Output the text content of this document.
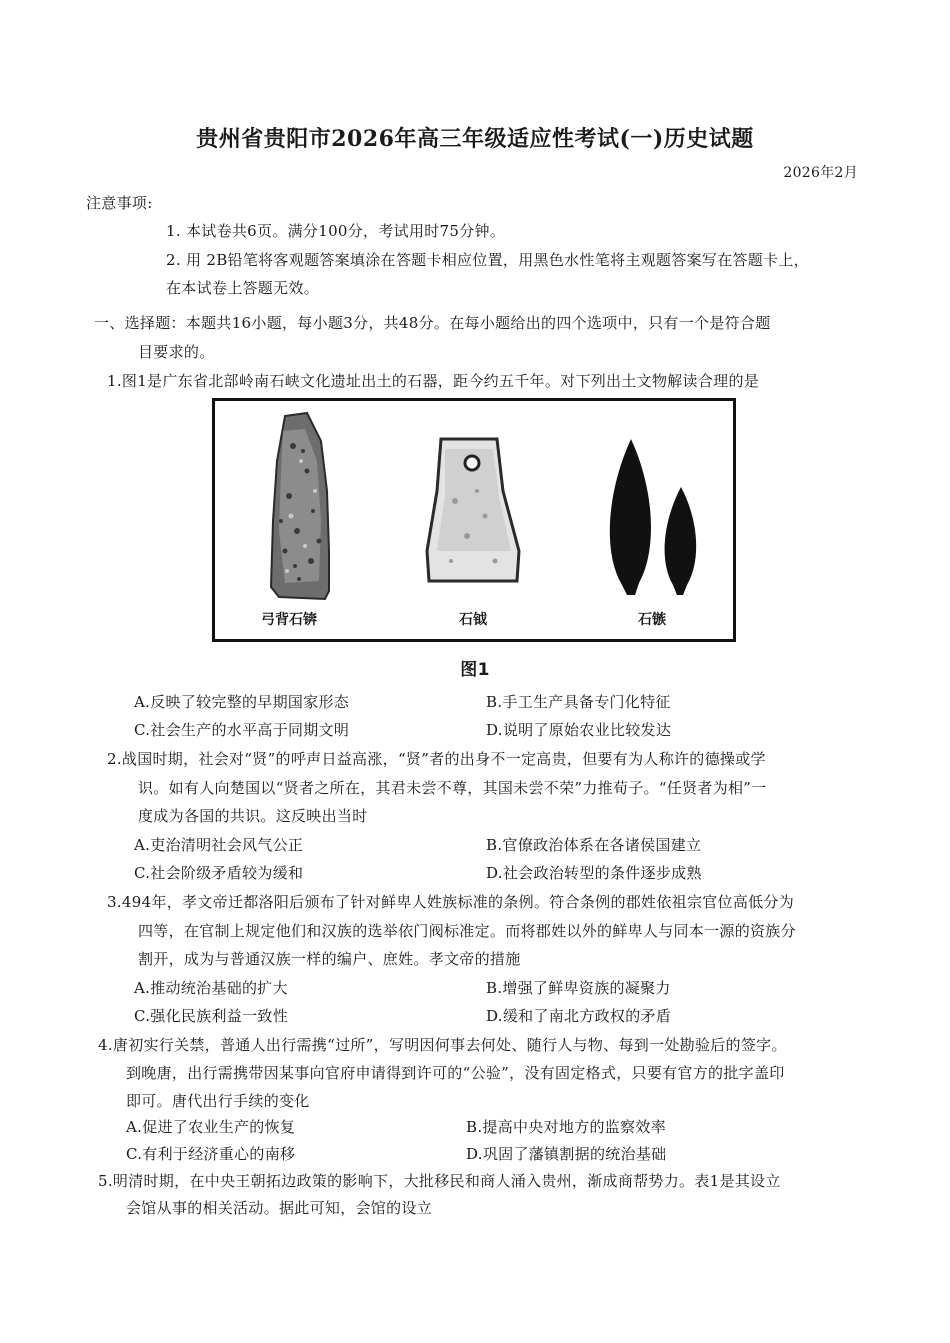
贵州省贵阳市2026年高三年级适应性考试(一)历史试题
2026年2月
注意事项:
1. 本试卷共6页。满分100分，考试用时75分钟。
2. 用 2B铅笔将客观题答案填涂在答题卡相应位置，用黑色水性笔将主观题答案写在答题卡上，
在本试卷上答题无效。
一、选择题：本题共16小题，每小题3分，共48分。在每小题给出的四个选项中，只有一个是符合题
目要求的。
1.图1是广东省北部岭南石峡文化遗址出土的石器，距今约五千年。对下列出土文物解读合理的是
弓背石锛	石钺	石镞
图1
A.反映了较完整的早期国家形态	B.手工生产具备专门化特征
C.社会生产的水平高于同期文明	D.说明了原始农业比较发达
2.战国时期，社会对“贤”的呼声日益高涨，“贤”者的出身不一定高贵，但要有为人称许的德操或学
识。如有人向楚国以“贤者之所在，其君未尝不尊，其国未尝不荣”力推荀子。“任贤者为相”一
度成为各国的共识。这反映出当时
A.吏治清明社会风气公正	B.官僚政治体系在各诸侯国建立
C.社会阶级矛盾较为缓和	D.社会政治转型的条件逐步成熟
3.494年，孝文帝迁都洛阳后颁布了针对鲜卑人姓族标准的条例。符合条例的郡姓依祖宗官位高低分为
四等，在官制上规定他们和汉族的选举依门阀标准定。而将郡姓以外的鲜卑人与同本一源的资族分
割开，成为与普通汉族一样的编户、庶姓。孝文帝的措施
A.推动统治基础的扩大	B.增强了鲜卑资族的凝聚力
C.强化民族利益一致性	D.缓和了南北方政权的矛盾
4.唐初实行关禁，普通人出行需携“过所”，写明因何事去何处、随行人与物、每到一处勘验后的签字。
到晚唐，出行需携带因某事向官府申请得到许可的“公验”，没有固定格式，只要有官方的批字盖印
即可。唐代出行手续的变化
A.促进了农业生产的恢复	B.提高中央对地方的监察效率
C.有利于经济重心的南移	D.巩固了藩镇割据的统治基础
5.明清时期，在中央王朝拓边政策的影响下，大批移民和商人涌入贵州，渐成商帮势力。表1是其设立
会馆从事的相关活动。据此可知，会馆的设立
